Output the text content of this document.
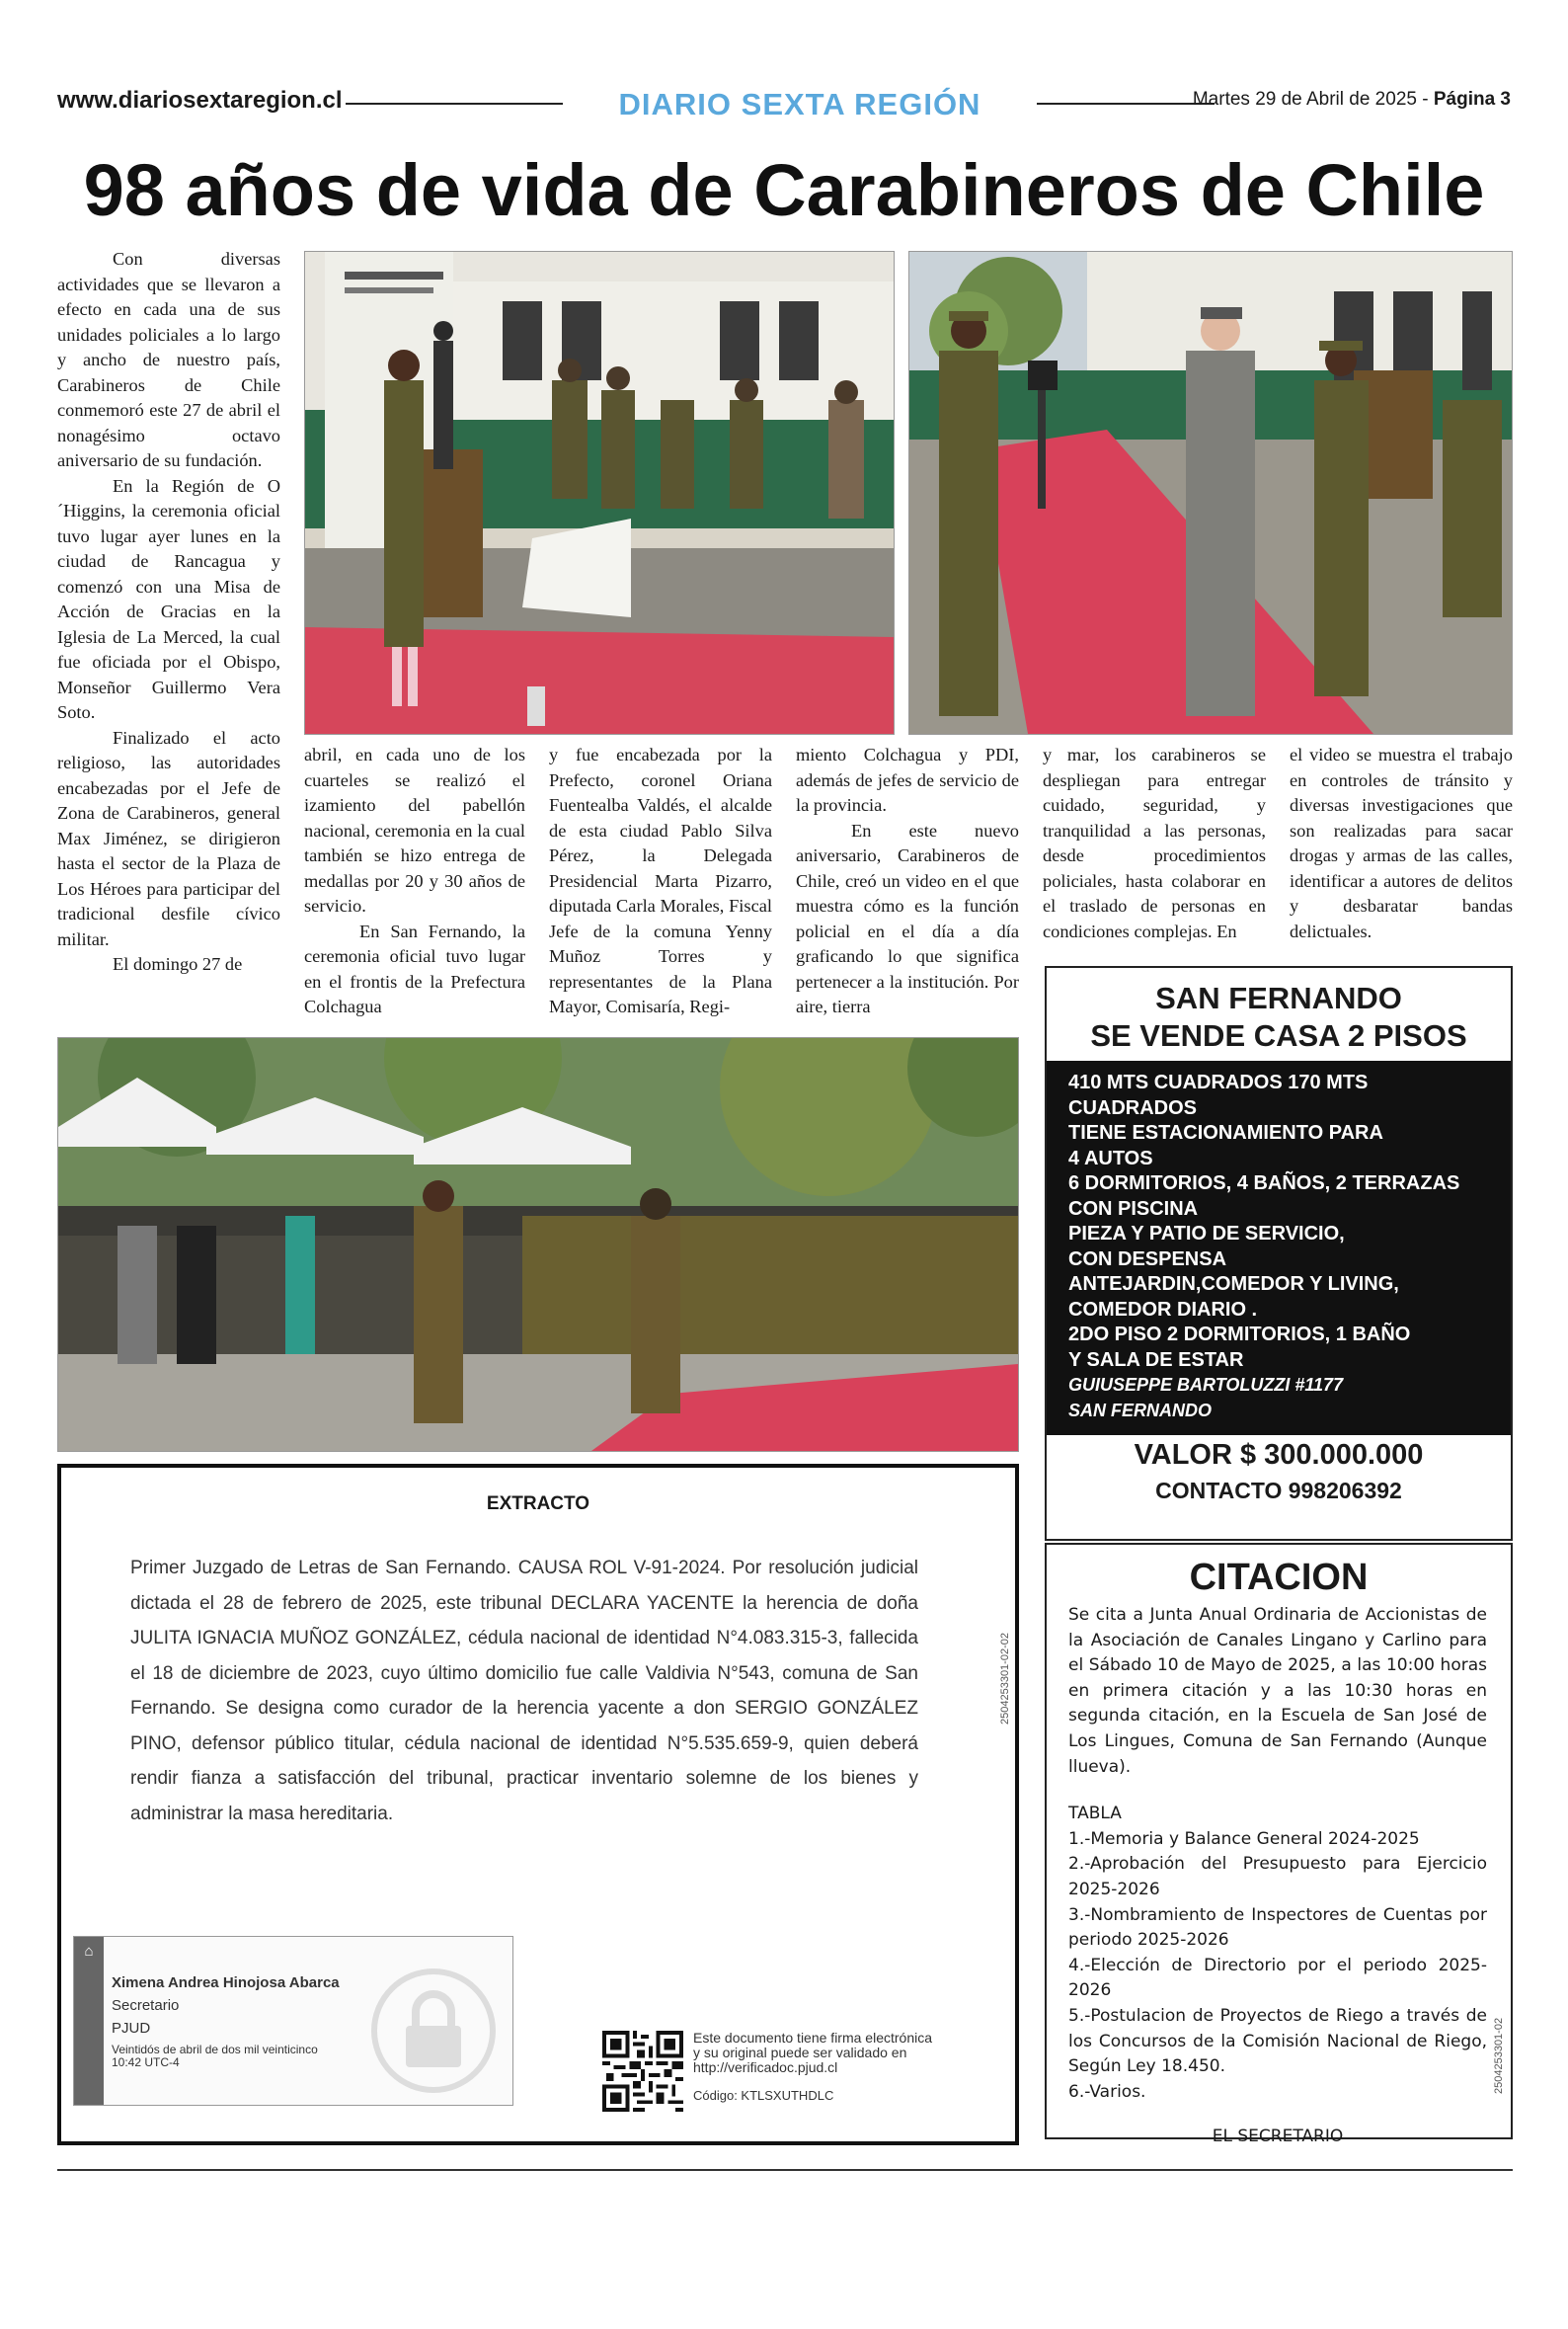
www.diariosextaregion.cl	DIARIO SEXTA REGIÓN	Martes 29 de Abril de 2025 - Página 3
98 años de vida de Carabineros de Chile

Con diversas actividades que se llevaron a efecto en cada una de sus unidades policiales a lo largo y ancho de nuestro país, Carabineros de Chile conmemoró este 27 de abril el nonagésimo octavo aniversario de su fundación.

En la Región de O´Higgins, la ceremonia oficial tuvo lugar ayer lunes en la ciudad de Rancagua y comenzó con una Misa de Acción de Gracias en la Iglesia de La Merced, la cual fue oficiada por el Obispo, Monseñor Guillermo Vera Soto.

Finalizado el acto religioso, las autoridades encabezadas por el Jefe de Zona de Carabineros, general Max Jiménez, se dirigieron hasta el sector de la Plaza de Los Héroes para participar del tradicional desfile cívico militar.

El domingo 27 de

abril, en cada uno de los cuarteles se realizó el izamiento del pabellón nacional, ceremonia en la cual también se hizo entrega de medallas por 20 y 30 años de servicio.

En San Fernando, la ceremonia oficial tuvo lugar en el frontis de la Prefectura Colchagua

y fue encabezada por la Prefecto, coronel Oriana Fuentealba Valdés, el alcalde de esta ciudad Pablo Silva Pérez, la Delegada Presidencial Marta Pizarro, diputada Carla Morales, Fiscal Jefe de la comuna Yenny Muñoz Torres y representantes de la Plana Mayor, Comisaría, Regi-

miento Colchagua y PDI, además de jefes de servicio de la provincia.

En este nuevo aniversario, Carabineros de Chile, creó un video en el que muestra cómo es la función policial en el día a día graficando lo que significa pertenecer a la institución. Por aire, tierra

y mar, los carabineros se despliegan para entregar cuidado, seguridad, y tranquilidad a las personas, desde procedimientos policiales, hasta colaborar en el traslado de personas en condiciones complejas. En

el video se muestra el trabajo en controles de tránsito y diversas investigaciones que son realizadas para sacar drogas y armas de las calles, identificar a autores de delitos y desbaratar bandas delictuales.

SAN FERNANDO
SE VENDE CASA 2 PISOS
410 MTS CUADRADOS 170 MTS
CUADRADOS
TIENE ESTACIONAMIENTO PARA
4 AUTOS
6 DORMITORIOS, 4 BAÑOS, 2 TERRAZAS
CON PISCINA
PIEZA Y PATIO DE SERVICIO,
CON DESPENSA
ANTEJARDIN,COMEDOR Y LIVING,
COMEDOR DIARIO .
2DO PISO 2 DORMITORIOS, 1 BAÑO
Y SALA DE ESTAR
GUIUSEPPE BARTOLUZZI #1177
SAN FERNANDO
VALOR $ 300.000.000
CONTACTO 998206392
CITACION
Se cita a Junta Anual Ordinaria de Accionistas de la Asociación de Canales Lingano y Carlino para el Sábado 10 de Mayo de 2025, a las 10:00 horas en primera citación y a las 10:30 horas en segunda citación, en la Escuela de San José de Los Lingues, Comuna de San Fernando (Aunque llueva).
TABLA
1.-Memoria y Balance General 2024-2025
2.-Aprobación del Presupuesto para Ejercicio 2025-2026
3.-Nombramiento de Inspectores de Cuentas por periodo 2025-2026
4.-Elección de Directorio por el periodo 2025-2026
5.-Postulacion de Proyectos de Riego a través de los Concursos de la Comisión Nacional de Riego, Según Ley 18.450.
6.-Varios.
EL SECRETARIO
2504253301-02
EXTRACTO
Primer Juzgado de Letras de San Fernando. CAUSA ROL V-91-2024. Por resolución judicial dictada el 28 de febrero de 2025, este tribunal DECLARA YACENTE la herencia de doña JULITA IGNACIA MUÑOZ GONZÁLEZ, cédula nacional de identidad N°4.083.315-3, fallecida el 18 de diciembre de 2023, cuyo último domicilio fue calle Valdivia N°543, comuna de San Fernando. Se designa como curador de la herencia yacente a don SERGIO GONZÁLEZ PINO, defensor público titular, cédula nacional de identidad N°5.535.659-9, quien deberá rendir fianza a satisfacción del tribunal, practicar inventario solemne de los bienes y administrar la masa hereditaria.
⌂
Ximena Andrea Hinojosa Abarca
Secretario
PJUD
Veintidós de abril de dos mil veinticinco
10:42 UTC-4
Este documento tiene firma electrónica
y su original puede ser validado en
http://verificadoc.pjud.cl
Código: KTLSXUTHDLC
2504253301-02-02
